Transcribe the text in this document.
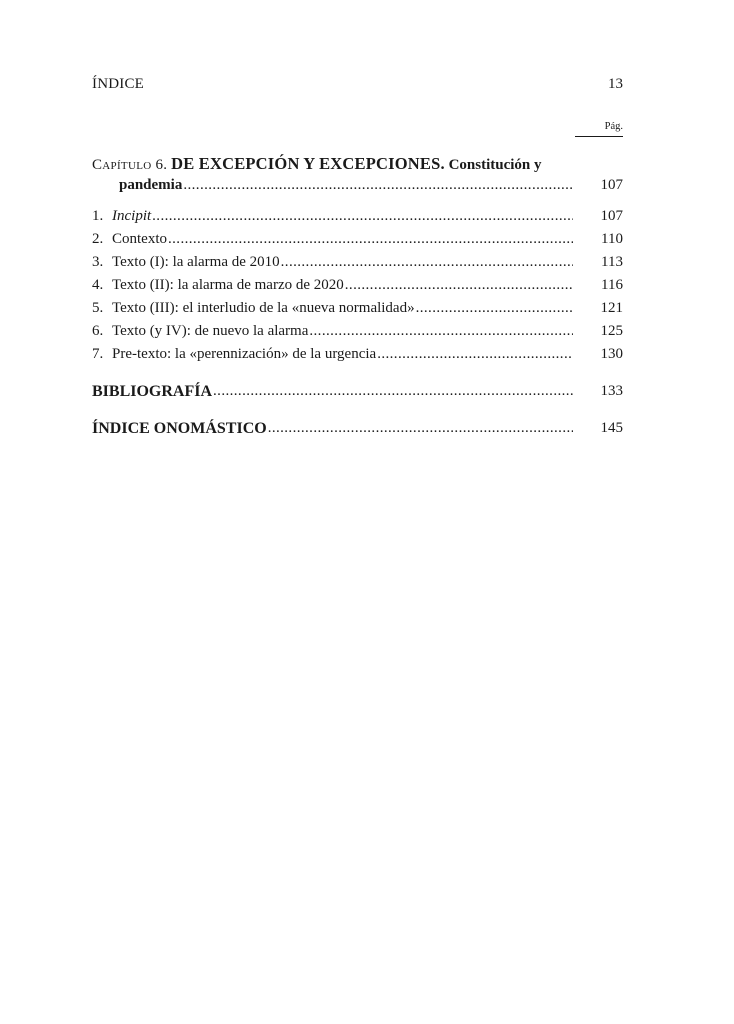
ÍNDICE	13
Pág.
Capítulo 6. DE EXCEPCIÓN Y EXCEPCIONES. Constitución y
pandemia .....	107
1. Incipit .....	107
2. Contexto .....	110
3. Texto (I): la alarma de 2010 .....	113
4. Texto (II): la alarma de marzo de 2020 .....	116
5. Texto (III): el interludio de la «nueva normalidad» .....	121
6. Texto (y IV): de nuevo la alarma .....	125
7. Pre-texto: la «perennización» de la urgencia .....	130
BIBLIOGRAFÍA .....	133
ÍNDICE ONOMÁSTICO .....	145
